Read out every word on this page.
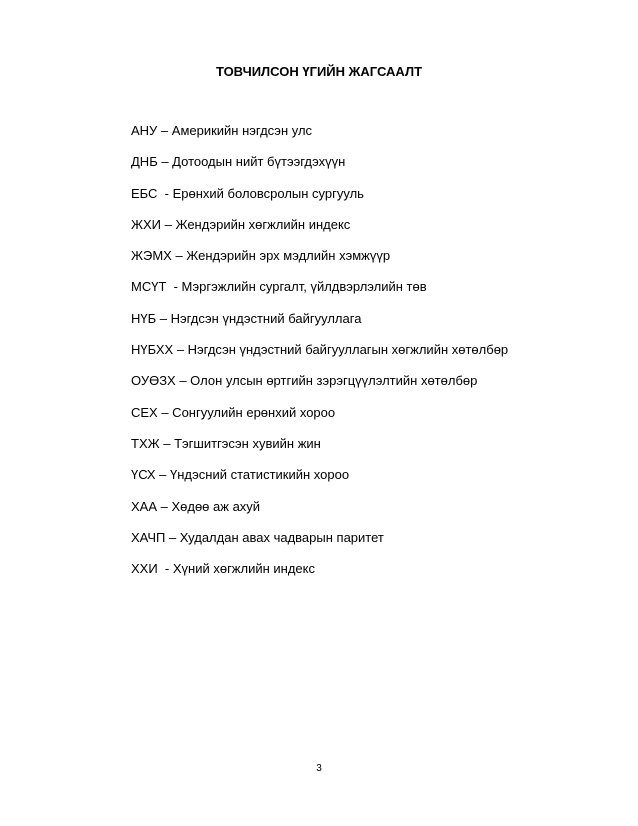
ТОВЧИЛСОН ҮГИЙН ЖАГСААЛТ
АНУ – Америкийн нэгдсэн улс
ДНБ – Дотоодын нийт бүтээгдэхүүн
ЕБС  - Ерөнхий боловсролын сургууль
ЖХИ – Жендэрийн хөгжлийн индекс
ЖЭМХ – Жендэрийн эрх мэдлийн хэмжүүр
МСҮТ  - Мэргэжлийн сургалт, үйлдвэрлэлийн төв
НҮБ – Нэгдсэн үндэстний байгууллага
НҮБХХ – Нэгдсэн үндэстний байгууллагын хөгжлийн хөтөлбөр
ОУӨЗХ – Олон улсын өртгийн зэрэгцүүлэлтийн хөтөлбөр
СЕХ – Сонгуулийн ерөнхий хороо
ТХЖ – Тэгшитгэсэн хувийн жин
ҮСХ – Үндэсний статистикийн хороо
ХАА – Хөдөө аж ахуй
ХАЧП – Худалдан авах чадварын паритет
ХХИ  - Хүний хөгжлийн индекс
3
